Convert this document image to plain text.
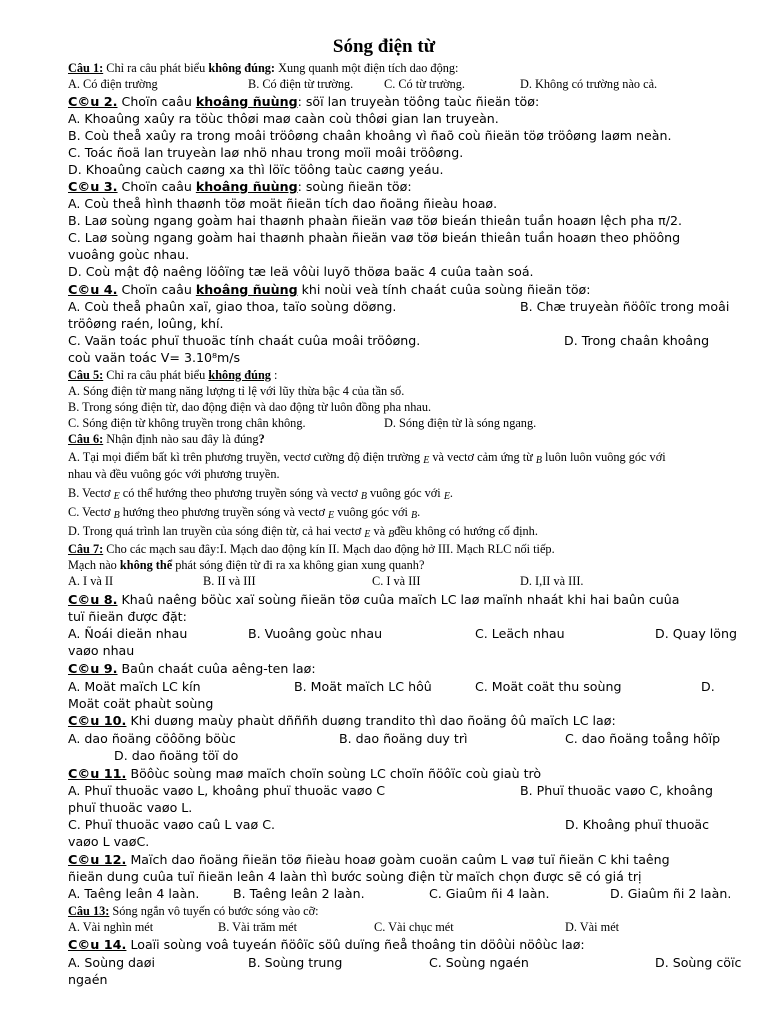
Sóng điện từ
Câu 1: Chỉ ra câu phát biểu không đúng: Xung quanh một điện tích dao động:
A. Có điện trường	B. Có điện từ trường.	C. Có từ trường.	D. Không có trường nào cả.
C©u 2. Choïn caâu khoâng ñuùng: söï lan truyeàn töông taùc ñieän töø:
A. Khoaûng xaûy ra töùc thôøi maø caàn coù thôøi gian lan truyeàn.
B. Coù theå xaûy ra trong moâi tröôøng chaân khoâng vì ñaõ coù ñieän töø tröôøng laøm neàn.
C. Toác ñoä lan truyeàn laø nhö nhau trong moïi moâi tröôøng.
D. Khoaûng caùch caøng xa thì löïc töông taùc caøng yeáu.
C©u 3. Choïn caâu khoâng ñuùng: soùng ñieän töø:
A. Coù theå hình thaønh töø moät ñieän tích dao ñoäng ñieàu hoaø.
B. Laø soùng ngang goàm hai thaønh phaàn ñieän vaø töø bieán thieân tuần hoaøn lệch pha π/2.
C. Laø soùng ngang goàm hai thaønh phaàn ñieän vaø töø bieán thieân tuần hoaøn theo phöông
vuoâng goùc nhau.
D. Coù mật độ naêng löôïng tæ leä vôùi luyõ thöøa baäc 4 cuûa taàn soá.
C©u 4. Choïn caâu khoâng ñuùng khi noùi veà tính chaát cuûa soùng ñieän töø:
A. Coù theå phaûn xaï, giao thoa, taïo soùng döøng.	B. Chæ truyeàn ñöôïc trong moâi
tröôøng raén, loûng, khí.
C. Vaän toác phuï thuoäc tính chaát cuûa moâi tröôøng.	D. Trong chaân khoâng
coù vaän toác V= 3.10⁸m/s
Câu 5: Chỉ ra câu phát biểu không đúng :
A. Sóng điện từ mang năng lượng tỉ lệ với lũy thừa bậc 4 của tần số.
B. Trong sóng điện từ, dao động điện và dao động từ luôn đồng pha nhau.
C. Sóng điện từ không truyền trong chân không.	D. Sóng điện từ là sóng ngang.
Câu 6: Nhận định nào sau đây là đúng?
A. Tại mọi điểm bất kì trên phương truyền, vectơ cường độ điện trường E và vectơ cảm ứng từ B luôn luôn vuông góc với
nhau và đều vuông góc với phương truyền.
B. Vectơ E có thể hướng theo phương truyền sóng và vectơ B vuông góc với E.
C. Vectơ B hướng theo phương truyền sóng và vectơ E vuông góc với B.
D. Trong quá trình lan truyền của sóng điện từ, cả hai vectơ E và Bđều không có hướng cố định.
Câu 7: Cho các mạch sau đây:I. Mạch dao động kín II. Mạch dao động hở III. Mạch RLC nối tiếp.
Mạch nào không thể phát sóng điện từ đi ra xa không gian xung quanh?
A. I và II	B. II và III	C. I và III	D. I,II và III.
C©u 8. Khaû naêng böùc xaï soùng ñieän töø cuûa maïch LC laø maïnh nhaát khi hai baûn cuûa
tuï ñieän được đặt:
A. Ñoái dieän nhau	B. Vuoâng goùc nhau	C. Leäch nhau	D. Quay löng
vaøo nhau
C©u 9. Baûn chaát cuûa aêng-ten laø:
A. Moät maïch LC kín	B. Moät maïch LC hôû	C. Moät coät thu soùng	D.
Moät coät phaùt soùng
C©u 10. Khi duøng maùy phaùt dñññh duøng trandito thì dao ñoäng ôû maïch LC laø:
A. dao ñoäng cöôõng böùc	B. dao ñoäng duy trì	C. dao ñoäng toång hôïp
D. dao ñoäng töï do
C©u 11. Böôùc soùng maø maïch choïn soùng LC choïn ñöôïc coù giaù trò
A. Phuï thuoäc vaøo L, khoâng phuï thuoäc vaøo C	B. Phuï thuoäc vaøo C, khoâng
phuï thuoäc vaøo L.
C. Phuï thuoäc vaøo caû L vaø C.	D. Khoâng phuï thuoäc
vaøo L vaøC.
C©u 12. Maïch dao ñoäng ñieän töø ñieàu hoaø goàm cuoän caûm L vaø tuï ñieän C khi taêng
ñieän dung cuûa tuï ñieän leân 4 laàn thì bước soùng điện từ maïch chọn được sẽ có giá trị
A. Taêng leân 4 laàn.	B. Taêng leân 2 laàn.	C. Giaûm ñi 4 laàn.	D. Giaûm ñi 2 laàn.
Câu 13: Sóng ngắn vô tuyến có bước sóng vào cỡ:
A. Vài nghìn mét	B. Vài trăm mét	C. Vài chục mét	D. Vài mét
C©u 14. Loaïi soùng voâ tuyeán ñöôïc söû duïng ñeå thoâng tin döôùi nöôùc laø:
A. Soùng daøi	B. Soùng trung	C. Soùng ngaén	D. Soùng cöïc
ngaén
